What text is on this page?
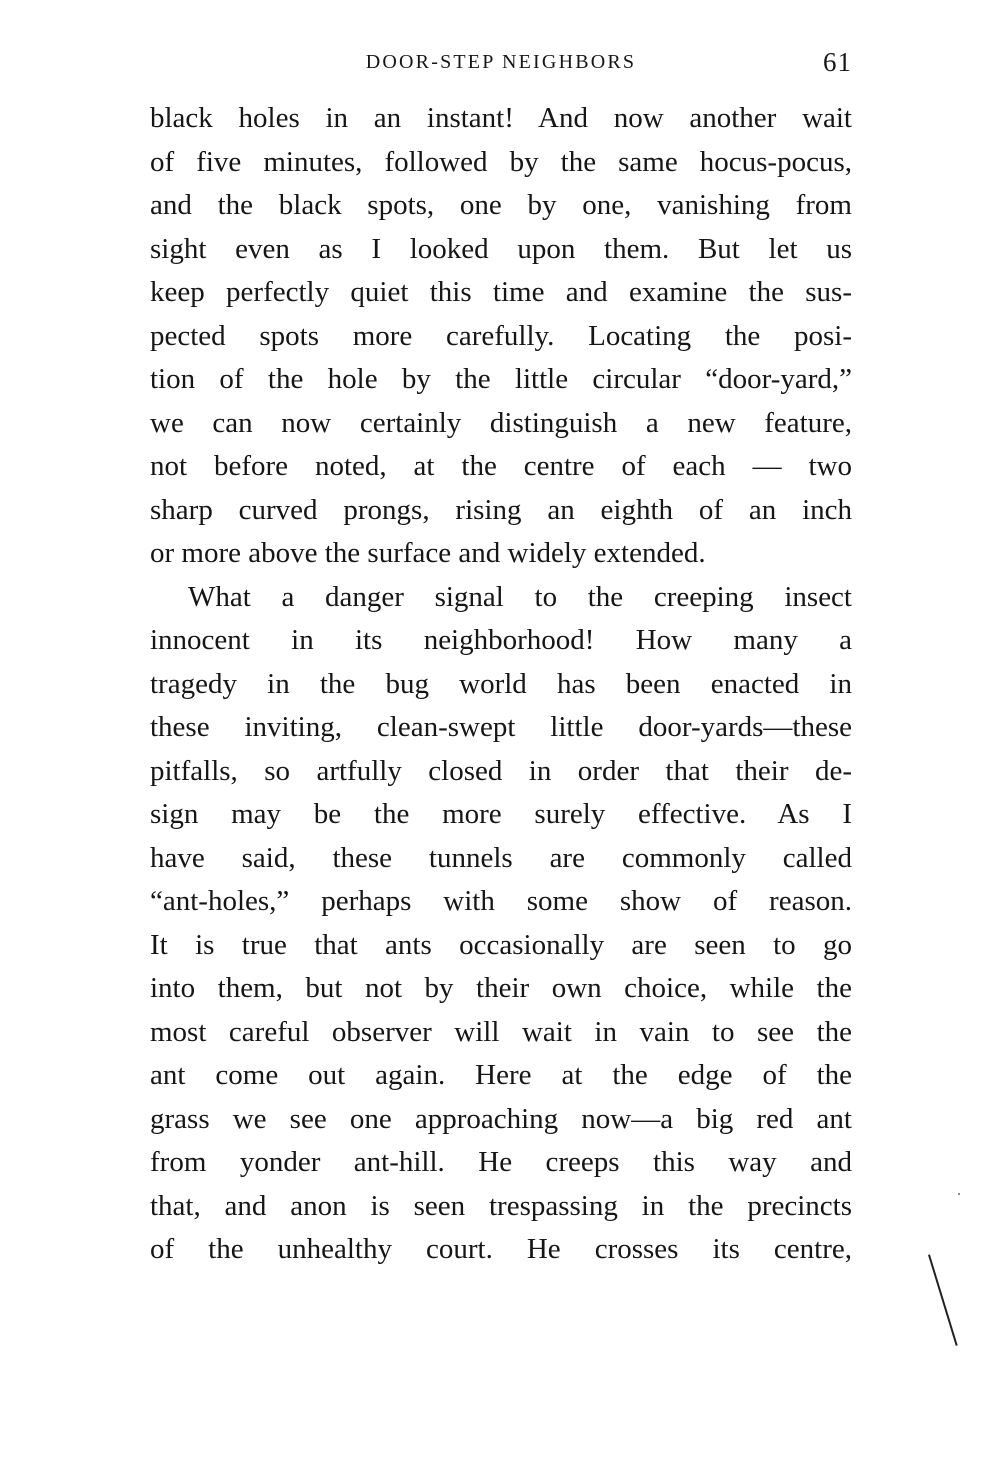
DOOR-STEP NEIGHBORS	61
black holes in an instant! And now another wait
of five minutes, followed by the same hocus-pocus,
and the black spots, one by one, vanishing from
sight even as I looked upon them. But let us
keep perfectly quiet this time and examine the sus-
pected spots more carefully. Locating the posi-
tion of the hole by the little circular “door-yard,”
we can now certainly distinguish a new feature,
not before noted, at the centre of each — two
sharp curved prongs, rising an eighth of an inch
or more above the surface and widely extended.
What a danger signal to the creeping insect
innocent in its neighborhood! How many a
tragedy in the bug world has been enacted in
these inviting, clean-swept little door-yards—these
pitfalls, so artfully closed in order that their de-
sign may be the more surely effective. As I
have said, these tunnels are commonly called
“ant-holes,” perhaps with some show of reason.
It is true that ants occasionally are seen to go
into them, but not by their own choice, while the
most careful observer will wait in vain to see the
ant come out again. Here at the edge of the
grass we see one approaching now—a big red ant
from yonder ant-hill. He creeps this way and
that, and anon is seen trespassing in the precincts
of the unhealthy court. He crosses its centre,
